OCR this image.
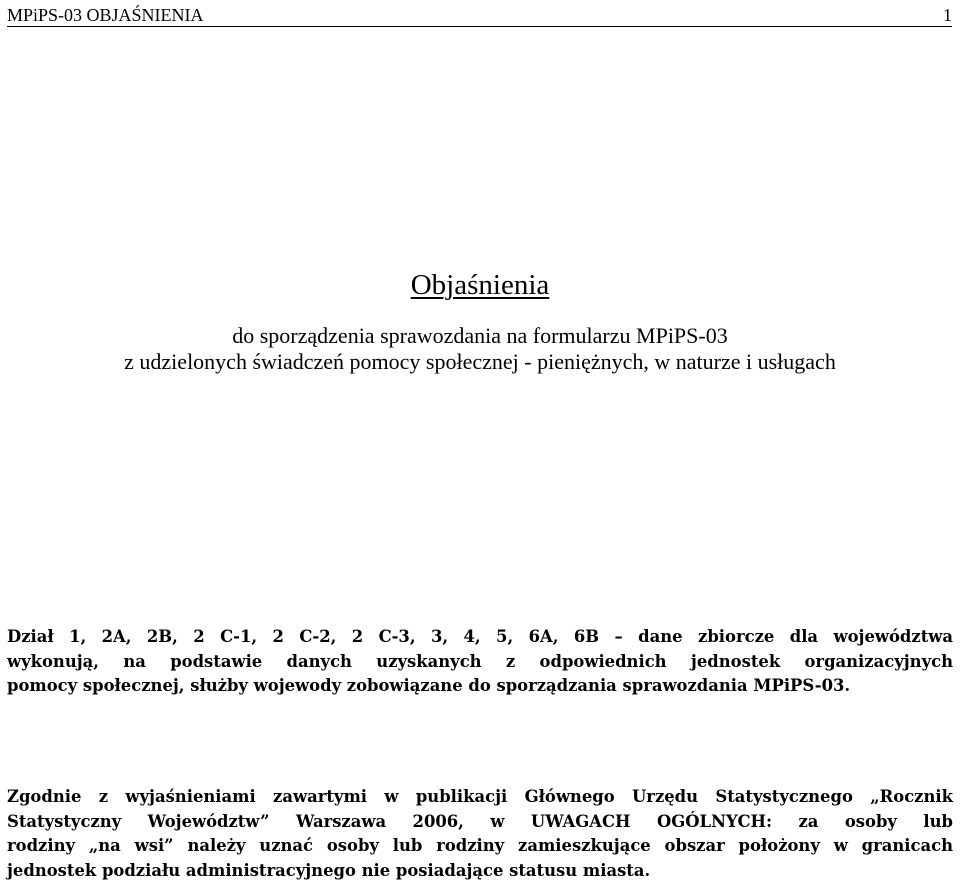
MPiPS-03 OBJAŚNIENIA	1
Objaśnienia
do sporządzenia sprawozdania na formularzu MPiPS-03
z udzielonych świadczeń pomocy społecznej - pieniężnych, w naturze i usługach
Dział 1, 2A, 2B, 2 C-1, 2 C-2, 2 C-3, 3, 4, 5, 6A, 6B – dane zbiorcze dla województwa
wykonują, na podstawie danych uzyskanych z odpowiednich jednostek organizacyjnych
pomocy społecznej, służby wojewody zobowiązane do sporządzania sprawozdania MPiPS-03.
Zgodnie z wyjaśnieniami zawartymi w publikacji Głównego Urzędu Statystycznego „Rocznik
Statystyczny Województw” Warszawa 2006, w UWAGACH OGÓLNYCH: za osoby lub
rodziny „na wsi” należy uznać osoby lub rodziny zamieszkujące obszar położony w granicach
jednostek podziału administracyjnego nie posiadające statusu miasta.
